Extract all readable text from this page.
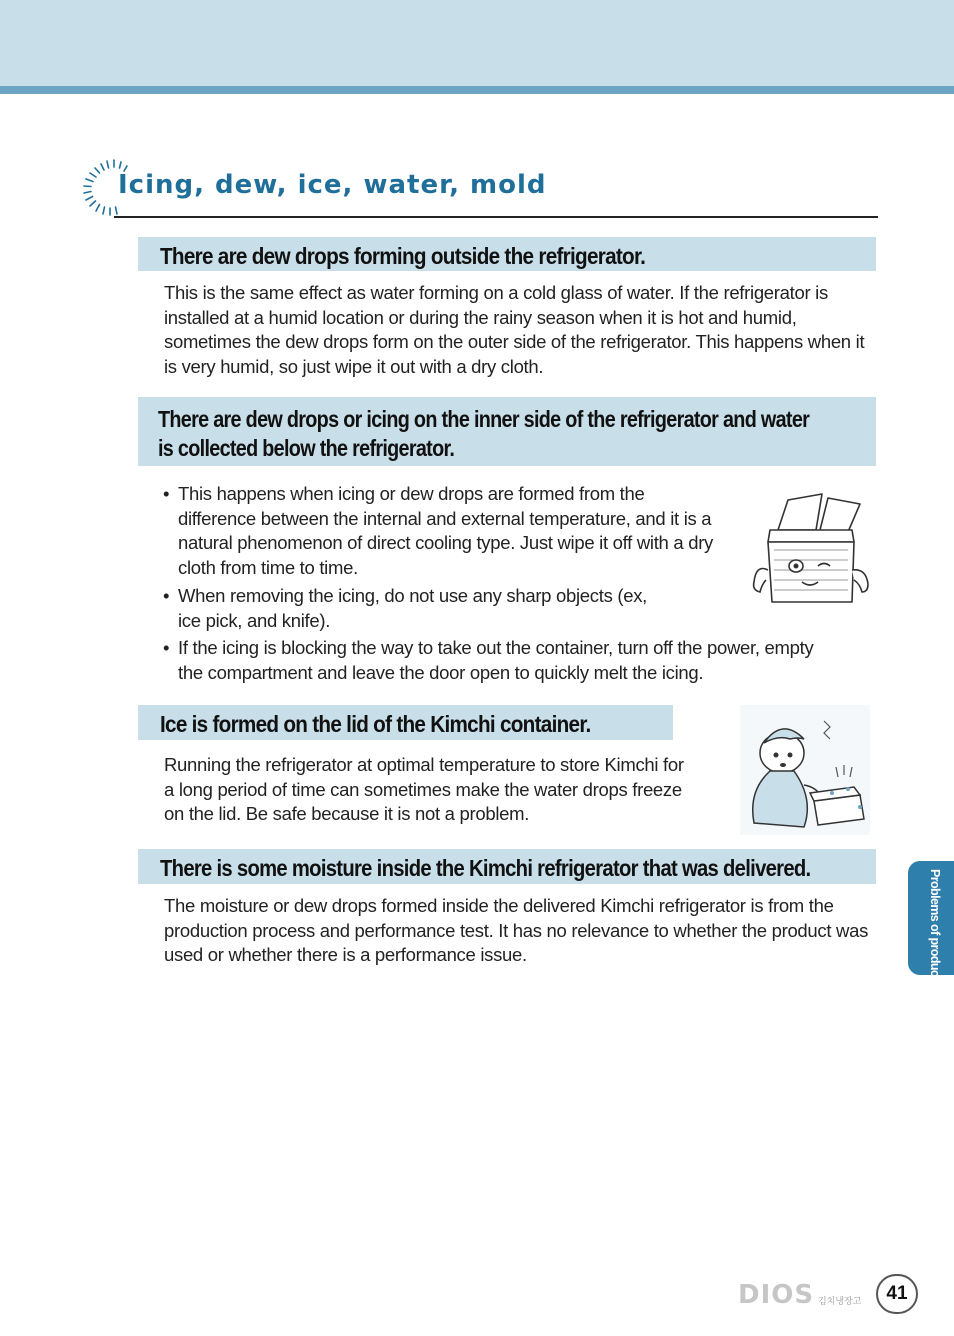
Icing, dew, ice, water, mold
There are dew drops forming outside the refrigerator.
This is the same effect as water forming on a cold glass of water. If the refrigerator is installed at a humid location or during the rainy season when it is hot and humid, sometimes the dew drops form on the outer side of the refrigerator. This happens when it is very humid, so just wipe it out with a dry cloth.
There are dew drops or icing on the inner side of the refrigerator and water is collected below the refrigerator.
• This happens when icing or dew drops are formed from the difference between the internal and external temperature, and it is a natural phenomenon of direct cooling type. Just wipe it off with a dry cloth from time to time.
• When removing the icing, do not use any sharp objects (ex, ice pick, and knife).
• If the icing is blocking the way to take out the container, turn off the power, empty the compartment and leave the door open to quickly melt the icing.
Ice is formed on the lid of the Kimchi container.
Running the refrigerator at optimal temperature to store Kimchi for a long period of time can sometimes make the water drops freeze on the lid. Be safe because it is not a problem.
There is some moisture inside the Kimchi refrigerator that was delivered.
The moisture or dew drops formed inside the delivered Kimchi refrigerator is from the production process and performance test. It has no relevance to whether the product was used or whether there is a performance issue.	Problems of product
DIOS 김치냉장고	41
